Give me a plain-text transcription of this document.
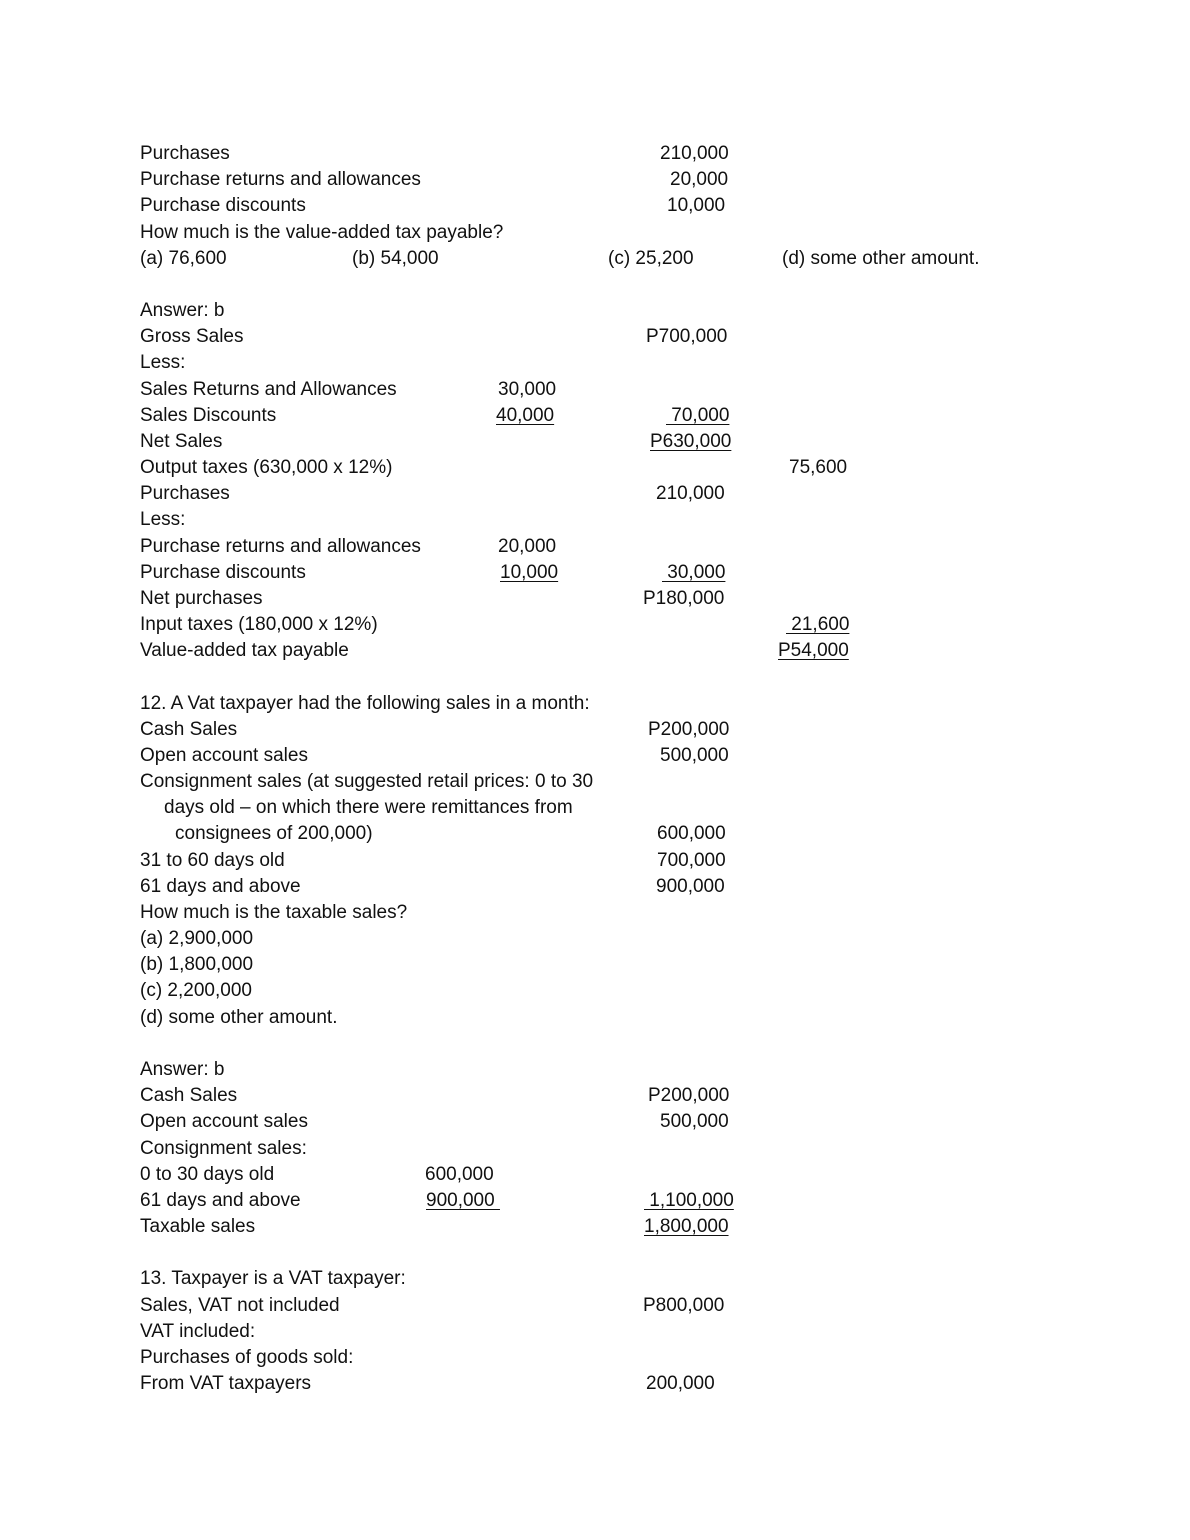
Purchases	210,000
Purchase returns and allowances	20,000
Purchase discounts	10,000
How much is the value-added tax payable?
(a) 76,600	(b) 54,000	(c) 25,200	(d) some other amount.
Answer: b
Gross Sales	P700,000
Less:
Sales Returns and Allowances	30,000
Sales Discounts	40,000	70,000
Net Sales	P630,000
Output taxes (630,000 x 12%)	75,600
Purchases	210,000
Less:
Purchase returns and allowances	20,000
Purchase discounts	10,000	30,000
Net purchases	P180,000
Input taxes (180,000 x 12%)	21,600
Value-added tax payable	P54,000
12. A Vat taxpayer had the following sales in a month:
Cash Sales	P200,000
Open account sales	500,000
Consignment sales (at suggested retail prices: 0 to 30
days old – on which there were remittances from
consignees of 200,000)	600,000
31 to 60 days old	700,000
61 days and above	900,000
How much is the taxable sales?
(a) 2,900,000
(b) 1,800,000
(c) 2,200,000
(d) some other amount.
Answer: b
Cash Sales	P200,000
Open account sales	500,000
Consignment sales:
0 to 30 days old	600,000
61 days and above	900,000	1,100,000
Taxable sales	1,800,000
13. Taxpayer is a VAT taxpayer:
Sales, VAT not included	P800,000
VAT included:
Purchases of goods sold:
From VAT taxpayers	200,000
